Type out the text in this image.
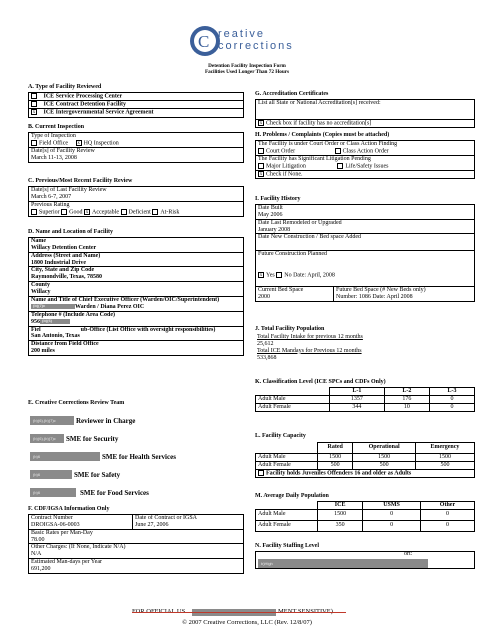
C reative
corrections
Detention Facility Inspection Form
Facilities Used Longer Than 72 Hours
A. Type of Facility Reviewed
ICE Service Processing Center
ICE Contract Detention Facility
x ICE Intergovernmental Service Agreement
B. Current Inspection
Type of Inspection
Field Office x HQ Inspection
Date[s] of Facility Review
March 11-13, 2008
C. Previous/Most Recent Facility Review
Date[s] of Last Facility Review
March 6-7, 2007
Previous Rating
Superior Good x Acceptable Deficient At-Risk
D. Name and Location of Facility
Name
Willacy Detention Center
Address (Street and Name)
1800 Industrial Drive
City, State and Zip Code
Raymondville, Texas, 78580
County
Willacy
Name and Title of Chief Executive Officer (Warden/OIC/Superintendent)
(b)(7)c	Warden / Diana Perez OIC
Telephone # (Include Area Code)
956 (b)(6)
Fiel	ub-Office (List Office with oversight responsibilities)
San Antonio, Texas
Distance from Field Office
200 miles
E. Creative Corrections Review Team
(b)(6),(b)(7)c	Reviewer in Charge
(b)(6),(b)(7)c	SME for Security
(b)6	SME for Health Services
(b)6	SME for Safety
(b)6	SME for Food Services
F. CDF/IGSA Information Only
Contract Number
DROIGSA-06-0003
Date of Contract or IGSA
June 27, 2006
Basic Rates per Man-Day
78.00
Other Charges: (If None, Indicate N/A)
N/A
Estimated Man-days per Year
691,200
G. Accreditation Certificates
List all State or National Accreditation[s] received:
x Check box if facility has no accreditation[s]
H. Problems / Complaints (Copies must be attached)
The Facility is under Court Order or Class Action Finding
Court Order	Class Action Order
The Facility has Significant Litigation Pending
Major Litigation	Life/Safety Issues
x Check if None.
I. Facility History
Date Built
May 2006
Date Last Remodeled or Upgraded
January 2008
Date New Construction / Bed space Added
Future Construction Planned
x Yes No Date: April, 2008
Current Bed Space
2000
Future Bed Space (# New Beds only)
Number: 1086 Date: April 2008
J. Total Facility Population
Total Facility Intake for previous 12 months
25,612
Total ICE Mandays for Previous 12 months
533,868
K. Classification Level (ICE SPCs and CDFs Only)
	L-1	L-2	L-3
Adult Male	1357	176	0
Adult Female	344	10	0
L. Facility Capacity
	Rated	Operational	Emergency
Adult Male	1500	1500	1500
Adult Female	500	500	500
Facility holds Juveniles Offenders 16 and older as Adults			
M. Average Daily Population
	ICE	USMS	Other
Adult Male	1500	0	0
Adult Female	350	0	0
N. Facility Staffing Level
ort:
b)High
© 2007 Creative Corrections, LLC (Rev. 12/8/07)
